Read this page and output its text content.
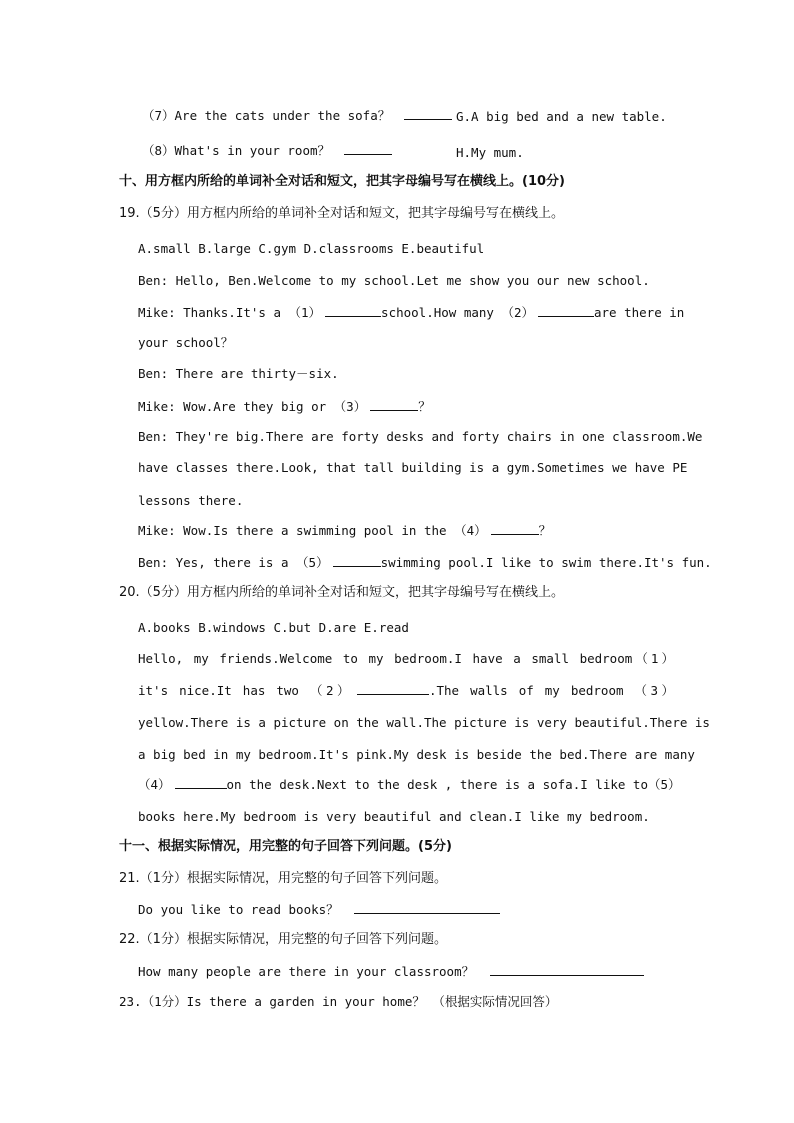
（7）Are the cats under the sofa？	G.A big bed and a new table.
（8）What's in your room？	H.My mum.
十、用方框内所给的单词补全对话和短文，把其字母编号写在横线上。(10分)
19.（5分）用方框内所给的单词补全对话和短文，把其字母编号写在横线上。
A.small B.large C.gym D.classrooms E.beautiful
Ben: Hello, Ben.Welcome to my school.Let me show you our new school.
Mike: Thanks.It's a （1）	school.How many （2）	are there in
your school？
Ben: There are thirty－six.
Mike: Wow.Are they big or （3）	？
Ben: They're big.There are forty desks and forty chairs in one classroom.We
have classes there.Look, that tall building is a gym.Sometimes we have PE
lessons there.
Mike: Wow.Is there a swimming pool in the （4）	？
Ben: Yes, there is a （5）	swimming pool.I like to swim there.It's fun.
20.（5分）用方框内所给的单词补全对话和短文，把其字母编号写在横线上。
A.books B.windows C.but D.are E.read
Hello, my friends.Welcome to my bedroom.I have a small bedroom（1）
it's nice.It has two （2）	.The walls of my bedroom （3）
yellow.There is a picture on the wall.The picture is very beautiful.There is
a big bed in my bedroom.It's pink.My desk is beside the bed.There are many
（4）	on the desk.Next to the desk , there is a sofa.I like to（5）
books here.My bedroom is very beautiful and clean.I like my bedroom.
十一、根据实际情况，用完整的句子回答下列问题。(5分)
21.（1分）根据实际情况，用完整的句子回答下列问题。
Do you like to read books？
22.（1分）根据实际情况，用完整的句子回答下列问题。
How many people are there in your classroom？
23.（1分）Is there a garden in your home？ （根据实际情况回答）
